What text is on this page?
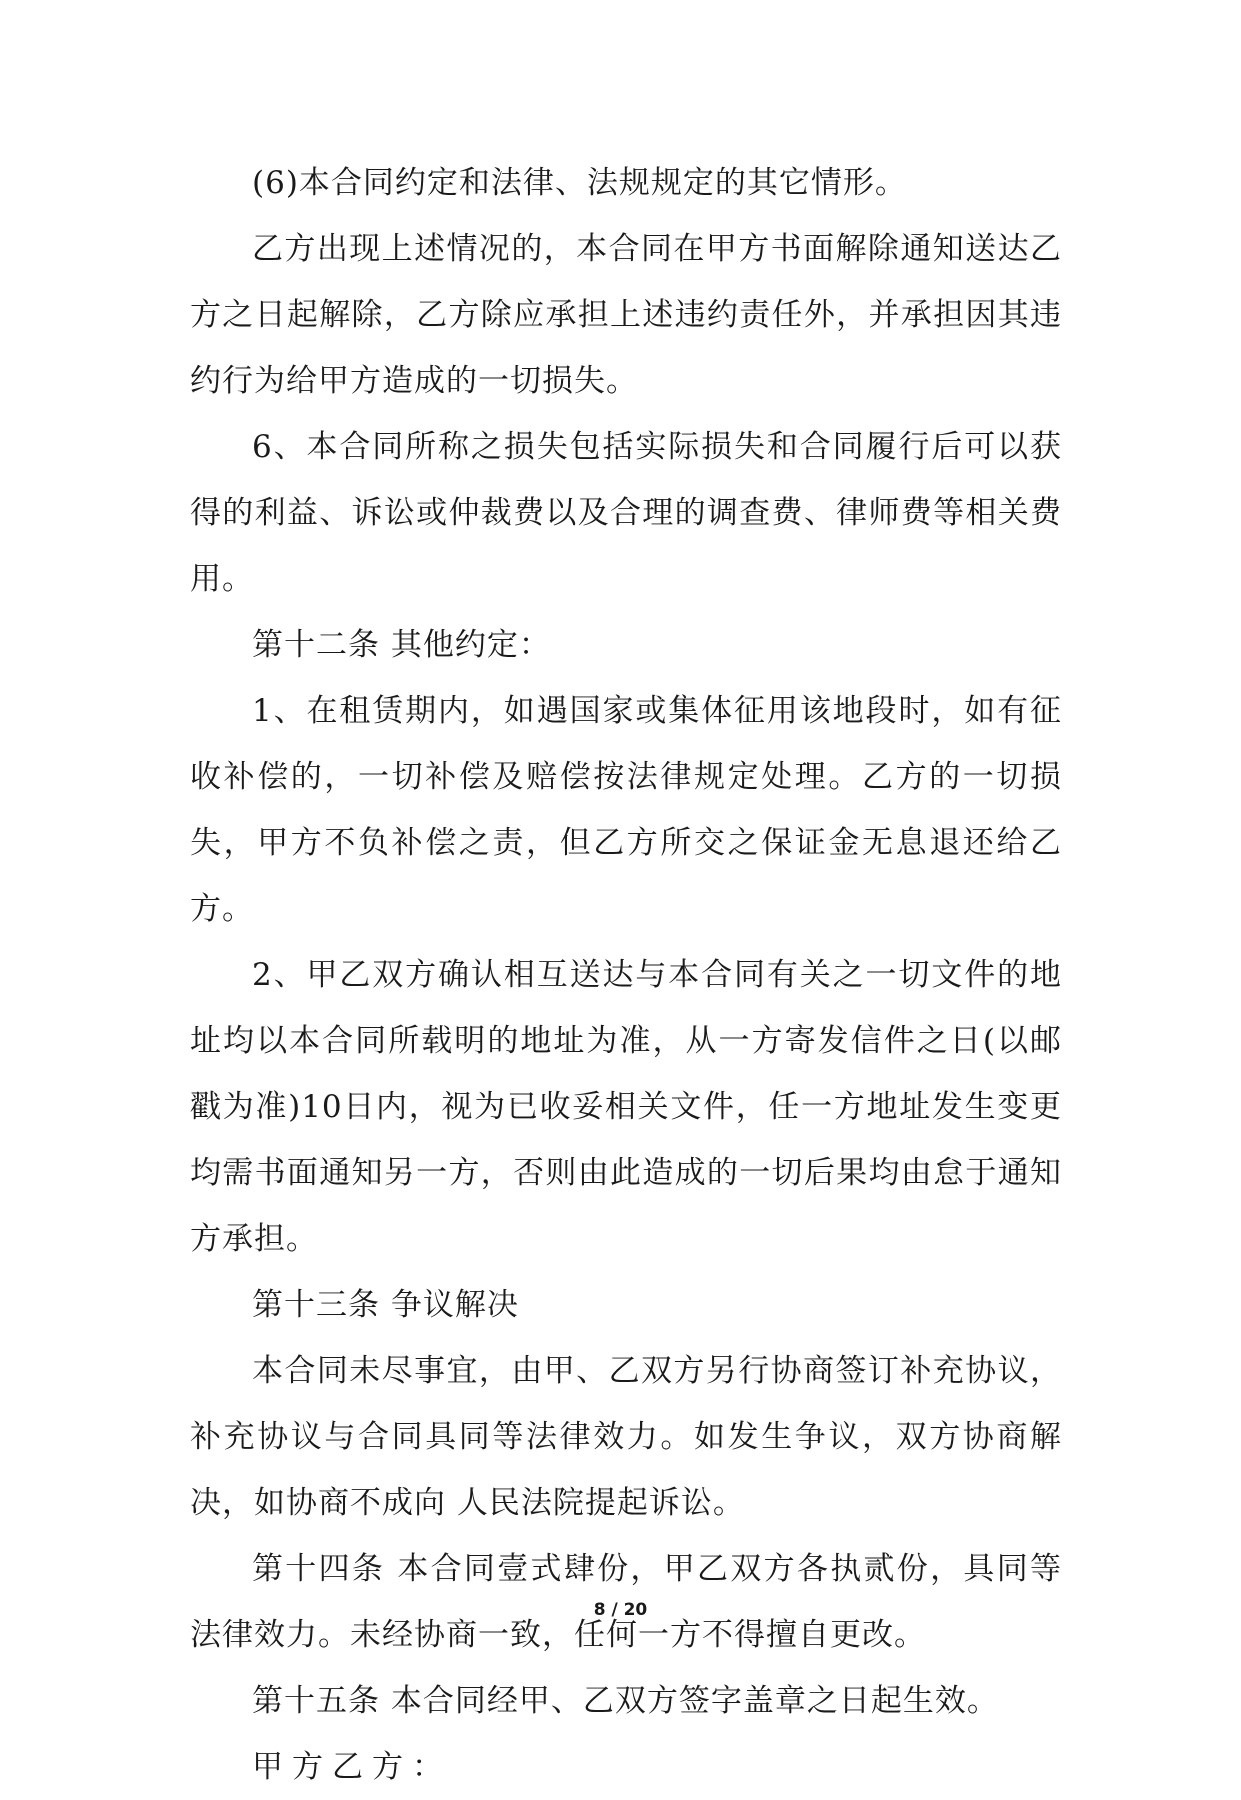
(6)本合同约定和法律、法规规定的其它情形。

乙方出现上述情况的，本合同在甲方书面解除通知送达乙方之日起解除，乙方除应承担上述违约责任外，并承担因其违约行为给甲方造成的一切损失。

6、本合同所称之损失包括实际损失和合同履行后可以获得的利益、诉讼或仲裁费以及合理的调查费、律师费等相关费用。

第十二条 其他约定：

1、在租赁期内，如遇国家或集体征用该地段时，如有征收补偿的，一切补偿及赔偿按法律规定处理。乙方的一切损失，甲方不负补偿之责，但乙方所交之保证金无息退还给乙方。

2、甲乙双方确认相互送达与本合同有关之一切文件的地址均以本合同所载明的地址为准，从一方寄发信件之日(以邮戳为准)10日内，视为已收妥相关文件，任一方地址发生变更均需书面通知另一方，否则由此造成的一切后果均由怠于通知方承担。

第十三条 争议解决

本合同未尽事宜，由甲、乙双方另行协商签订补充协议，补充协议与合同具同等法律效力。如发生争议，双方协商解决，如协商不成向 人民法院提起诉讼。

第十四条 本合同壹式肆份，甲乙双方各执贰份，具同等法律效力。未经协商一致，任何一方不得擅自更改。

第十五条 本合同经甲、乙双方签字盖章之日起生效。

甲方乙方：

8 / 20
